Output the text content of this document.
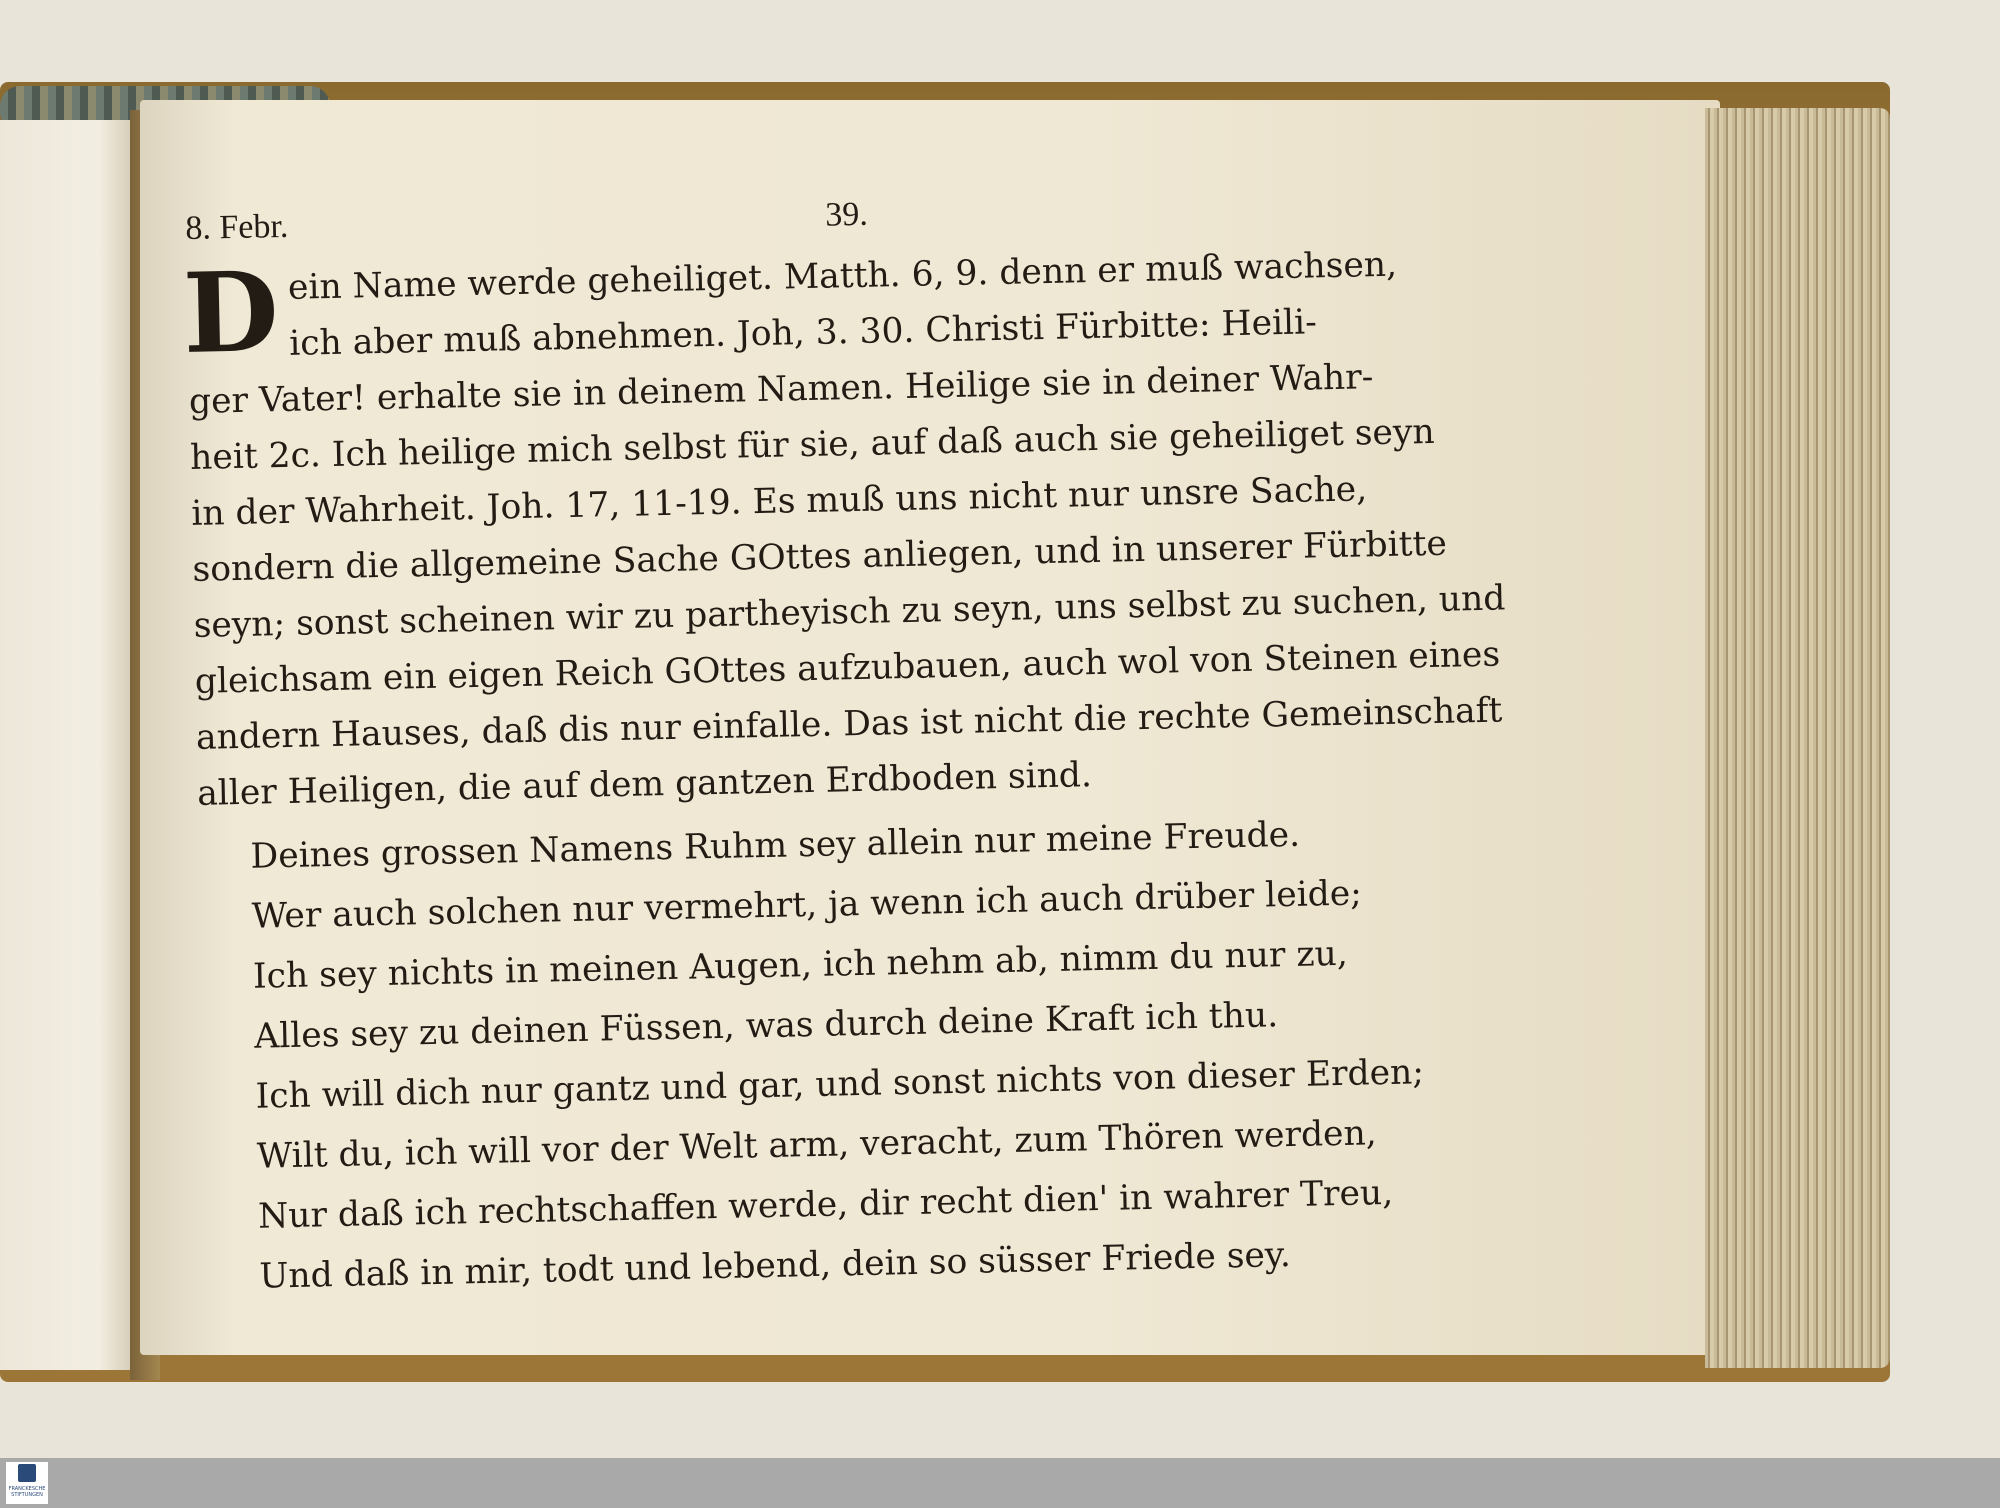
8. Febr.	39.
D ein Name werde geheiliget. Matth. 6, 9. denn er muß wachsen,
ich aber muß abnehmen. Joh, 3. 30. Christi Fürbitte: Heili-
ger Vater! erhalte sie in deinem Namen. Heilige sie in deiner Wahr-
heit 2c. Ich heilige mich selbst für sie, auf daß auch sie geheiliget seyn
in der Wahrheit. Joh. 17, 11-19. Es muß uns nicht nur unsre Sache,
sondern die allgemeine Sache GOttes anliegen, und in unserer Fürbitte
seyn; sonst scheinen wir zu partheyisch zu seyn, uns selbst zu suchen, und
gleichsam ein eigen Reich GOttes aufzubauen, auch wol von Steinen eines
andern Hauses, daß dis nur einfalle. Das ist nicht die rechte Gemeinschaft
aller Heiligen, die auf dem gantzen Erdboden sind.
Deines grossen Namens Ruhm sey allein nur meine Freude.
Wer auch solchen nur vermehrt, ja wenn ich auch drüber leide;
Ich sey nichts in meinen Augen, ich nehm ab, nimm du nur zu,
Alles sey zu deinen Füssen, was durch deine Kraft ich thu.
Ich will dich nur gantz und gar, und sonst nichts von dieser Erden;
Wilt du, ich will vor der Welt arm, veracht, zum Thören werden,
Nur daß ich rechtschaffen werde, dir recht dien' in wahrer Treu,
Und daß in mir, todt und lebend, dein so süsser Friede sey.
FRANCKESCHE STIFTUNGEN
